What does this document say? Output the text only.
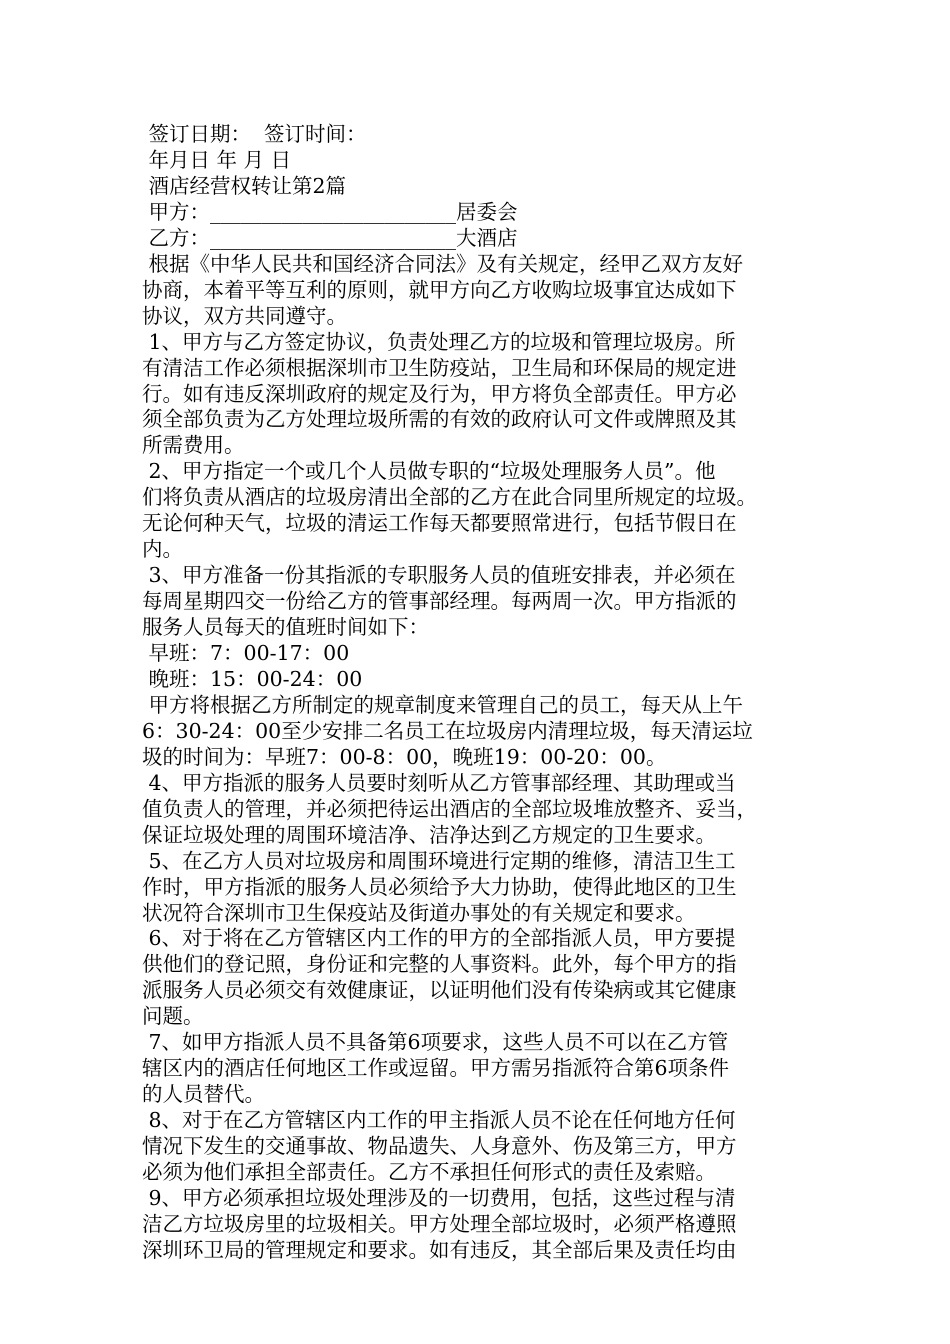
签订日期：  签订时间：
年月日 年 月 日
酒店经营权转让第2篇
甲方：________________________居委会
乙方：________________________大酒店
根据《中华人民共和国经济合同法》及有关规定，经甲乙双方友好
协商，本着平等互利的原则，就甲方向乙方收购垃圾事宜达成如下
协议，双方共同遵守。
1、甲方与乙方签定协议，负责处理乙方的垃圾和管理垃圾房。所
有清洁工作必须根据深圳市卫生防疫站，卫生局和环保局的规定进
行。如有违反深圳政府的规定及行为，甲方将负全部责任。甲方必
须全部负责为乙方处理垃圾所需的有效的政府认可文件或牌照及其
所需费用。
2、甲方指定一个或几个人员做专职的“垃圾处理服务人员”。他
们将负责从酒店的垃圾房清出全部的乙方在此合同里所规定的垃圾。
无论何种天气，垃圾的清运工作每天都要照常进行，包括节假日在
内。
3、甲方准备一份其指派的专职服务人员的值班安排表，并必须在
每周星期四交一份给乙方的管事部经理。每两周一次。甲方指派的
服务人员每天的值班时间如下：
早班：7：00-17：00
晚班：15：00-24：00
甲方将根据乙方所制定的规章制度来管理自己的员工，每天从上午
6：30-24：00至少安排二名员工在垃圾房内清理垃圾，每天清运垃
圾的时间为：早班7：00-8：00，晚班19：00-20：00。
4、甲方指派的服务人员要时刻听从乙方管事部经理、其助理或当
值负责人的管理，并必须把待运出酒店的全部垃圾堆放整齐、妥当，
保证垃圾处理的周围环境洁净、洁净达到乙方规定的卫生要求。
5、在乙方人员对垃圾房和周围环境进行定期的维修，清洁卫生工
作时，甲方指派的服务人员必须给予大力协助，使得此地区的卫生
状况符合深圳市卫生保疫站及街道办事处的有关规定和要求。
6、对于将在乙方管辖区内工作的甲方的全部指派人员，甲方要提
供他们的登记照，身份证和完整的人事资料。此外，每个甲方的指
派服务人员必须交有效健康证，以证明他们没有传染病或其它健康
问题。
7、如甲方指派人员不具备第6项要求，这些人员不可以在乙方管
辖区内的酒店任何地区工作或逗留。甲方需另指派符合第6项条件
的人员替代。
8、对于在乙方管辖区内工作的甲主指派人员不论在任何地方任何
情况下发生的交通事故、物品遗失、人身意外、伤及第三方，甲方
必须为他们承担全部责任。乙方不承担任何形式的责任及索赔。
9、甲方必须承担垃圾处理涉及的一切费用，包括，这些过程与清
洁乙方垃圾房里的垃圾相关。甲方处理全部垃圾时，必须严格遵照
深圳环卫局的管理规定和要求。如有违反，其全部后果及责任均由
